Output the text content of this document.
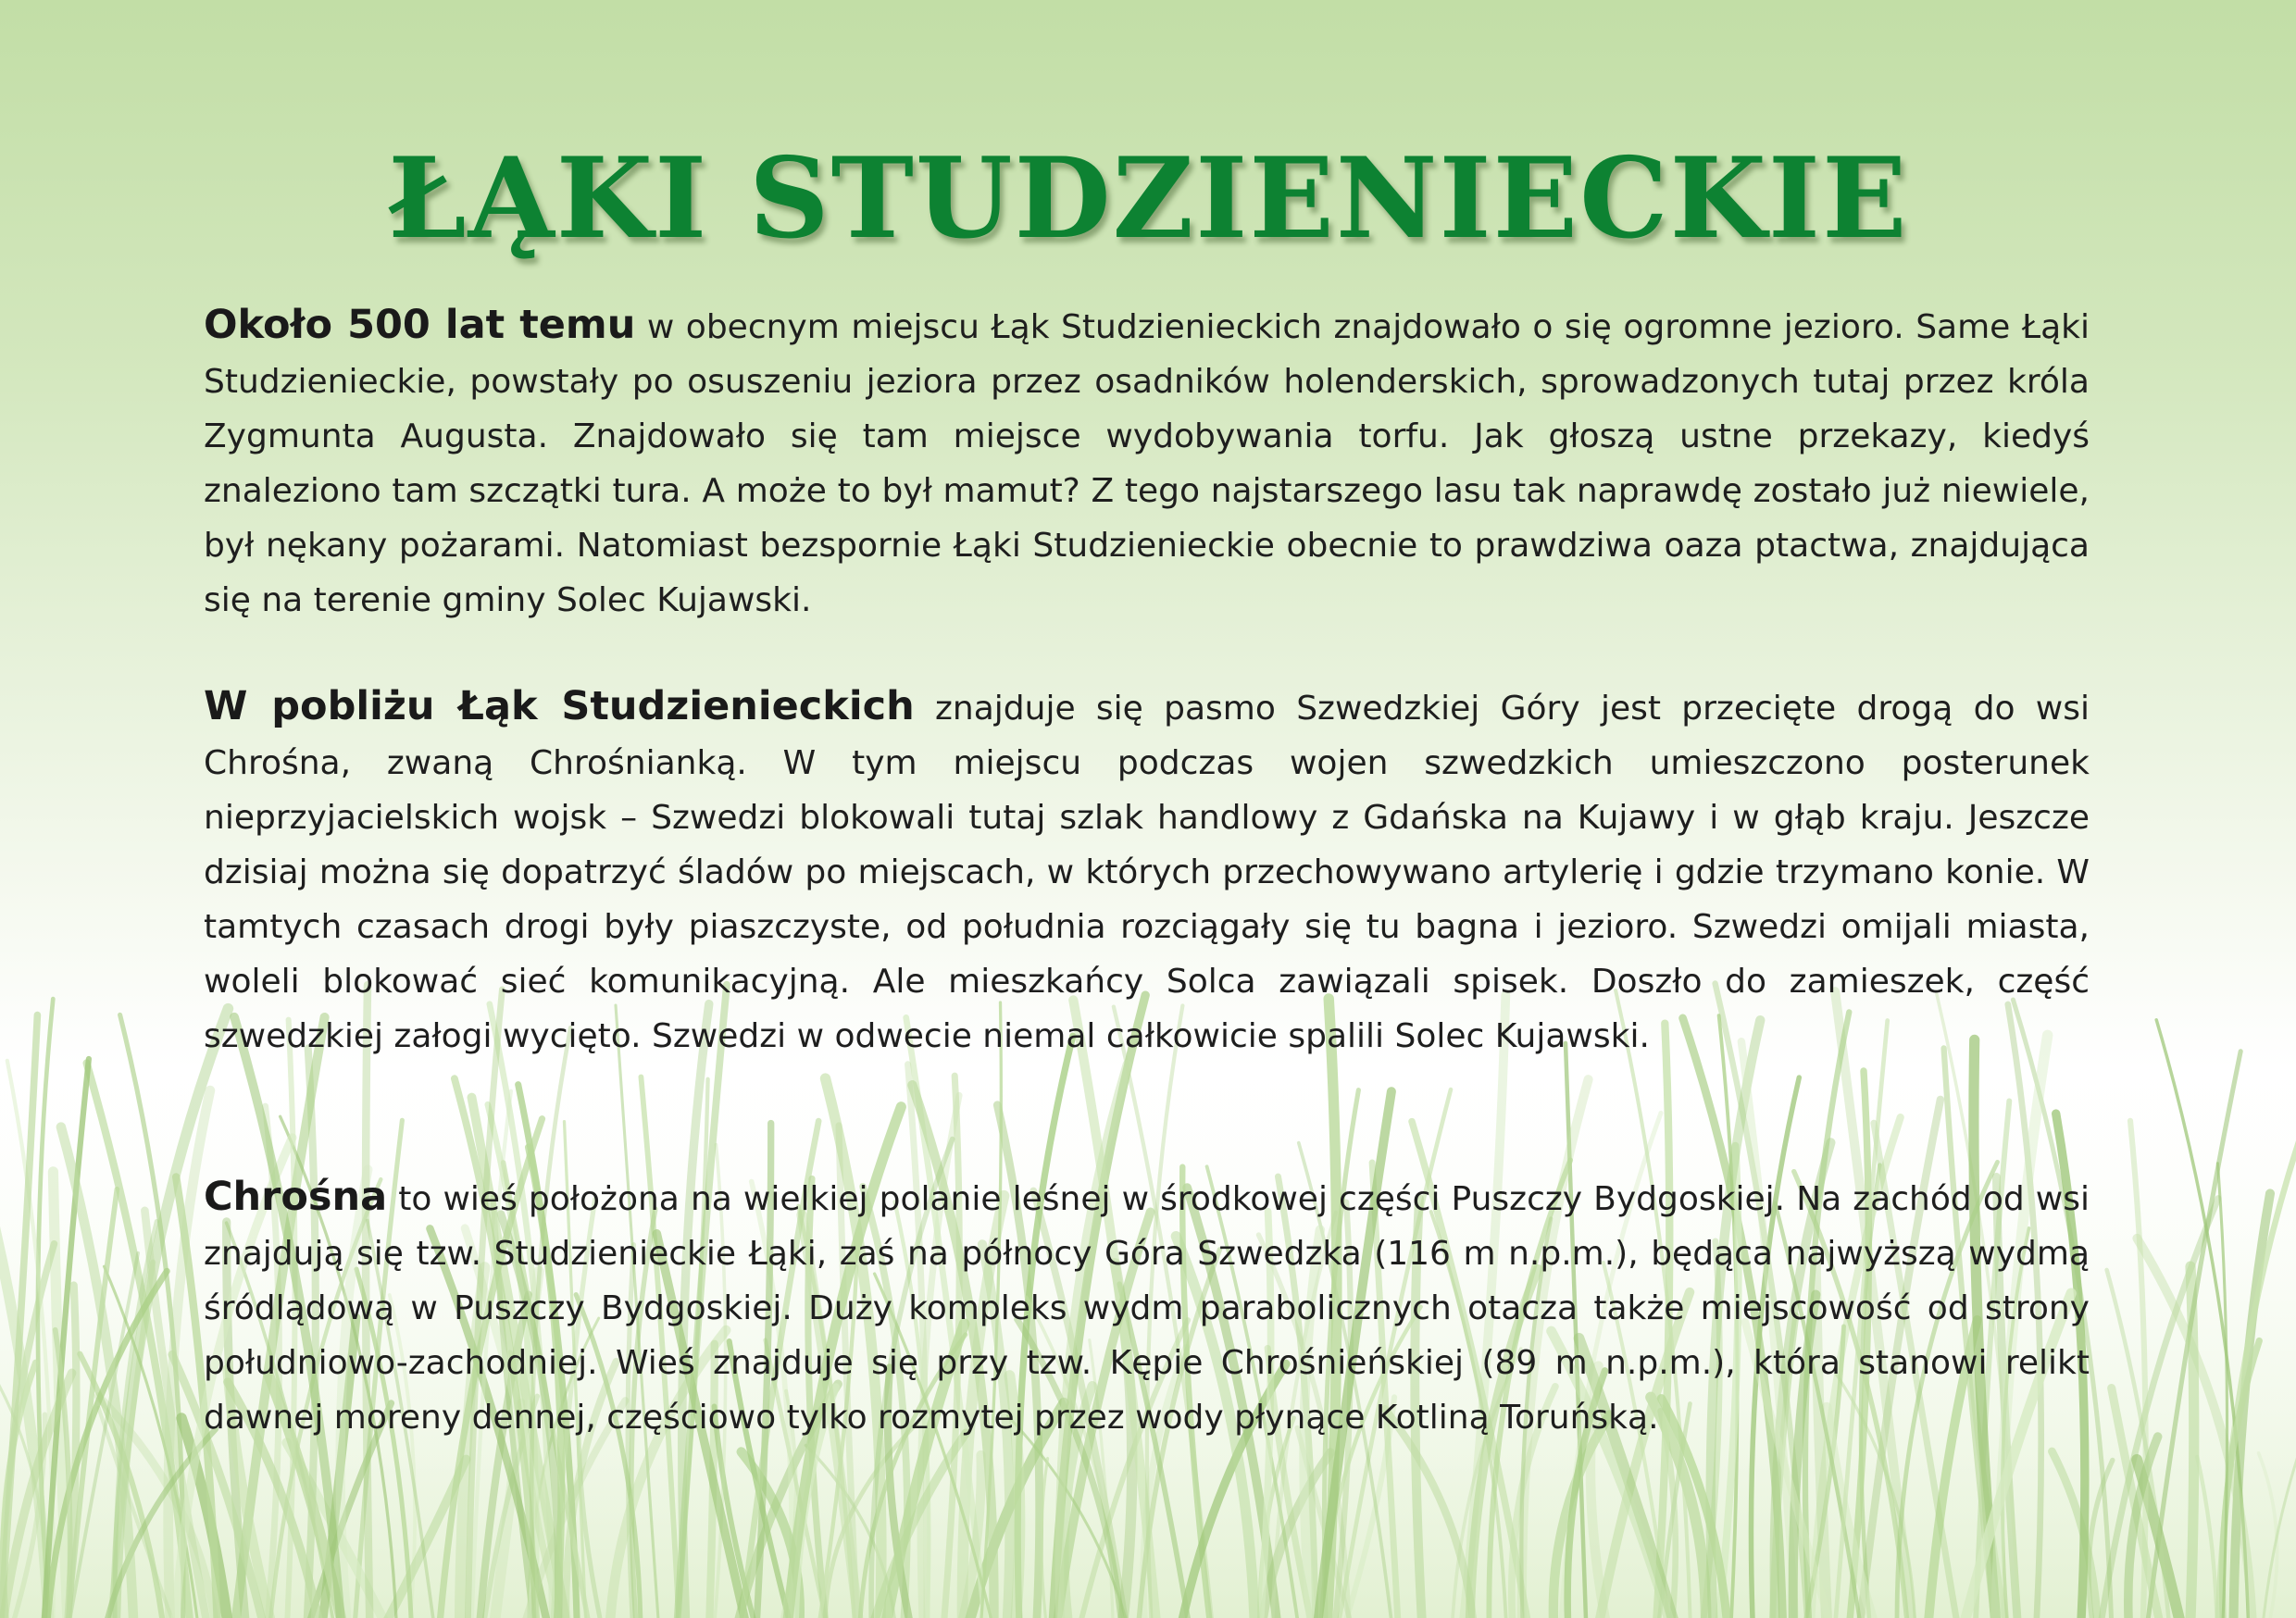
ŁĄKI STUDZIENIECKIE

Około 500 lat temu w obecnym miejscu Łąk Studzienieckich znajdowało o się ogromne jezioro. Same Łąki Studzienieckie, powstały po osuszeniu jeziora przez osadników holenderskich, sprowadzonych tutaj przez króla Zygmunta Augusta. Znajdowało się tam miejsce wydobywania torfu. Jak głoszą ustne przekazy, kiedyś znaleziono tam szczątki tura. A może to był mamut? Z tego najstarszego lasu tak naprawdę zostało już niewiele, był nękany pożarami. Natomiast bezspornie Łąki Studzienieckie obecnie to prawdziwa oaza ptactwa, znajdująca się na terenie gminy Solec Kujawski.

W pobliżu Łąk Studzienieckich znajduje się pasmo Szwedzkiej Góry jest przecięte drogą do wsi Chrośna, zwaną Chrośnianką. W tym miejscu podczas wojen szwedzkich umieszczono posterunek nieprzyjacielskich wojsk – Szwedzi blokowali tutaj szlak handlowy z Gdańska na Kujawy i w głąb kraju. Jeszcze dzisiaj można się dopatrzyć śladów po miejscach, w których przechowywano artylerię i gdzie trzymano konie. W tamtych czasach drogi były piaszczyste, od południa rozciągały się tu bagna i jezioro. Szwedzi omijali miasta, woleli blokować sieć komunikacyjną. Ale mieszkańcy Solca zawiązali spisek. Doszło do zamieszek, część szwedzkiej załogi wycięto. Szwedzi w odwecie niemal całkowicie spalili Solec Kujawski.

Chrośna to wieś położona na wielkiej polanie leśnej w środkowej części Puszczy Bydgoskiej. Na zachód od wsi znajdują się tzw. Studzienieckie Łąki, zaś na północy Góra Szwedzka (116 m n.p.m.), będąca najwyższą wydmą śródlądową w Puszczy Bydgoskiej. Duży kompleks wydm parabolicznych otacza także miejscowość od strony południowo-zachodniej. Wieś znajduje się przy tzw. Kępie Chrośnieńskiej (89 m n.p.m.), która stanowi relikt dawnej moreny dennej, częściowo tylko rozmytej przez wody płynące Kotliną Toruńską.
